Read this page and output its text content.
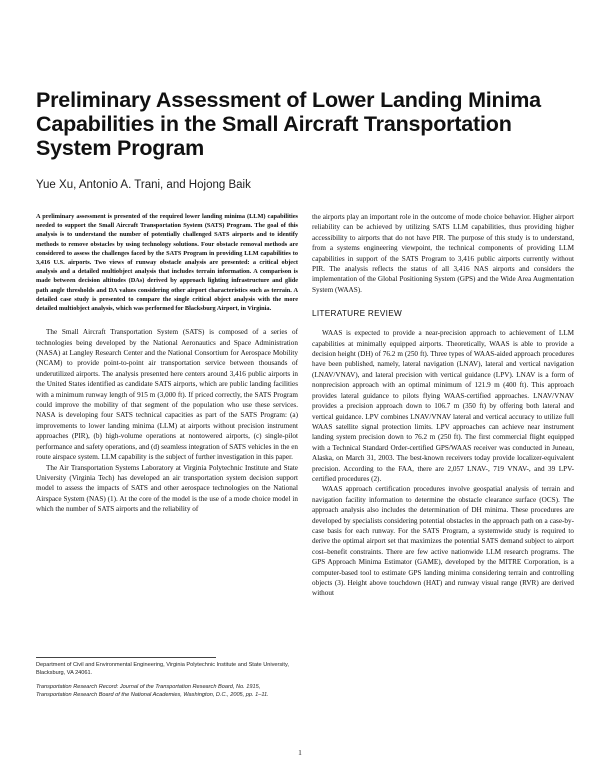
Preliminary Assessment of Lower Landing Minima Capabilities in the Small Aircraft Transportation System Program

Yue Xu, Antonio A. Trani, and Hojong Baik

A preliminary assessment is presented of the required lower landing minima (LLM) capabilities needed to support the Small Aircraft Transportation System (SATS) Program. The goal of this analysis is to understand the number of potentially challenged SATS airports and to identify methods to remove obstacles by using technology solutions. Four obstacle removal methods are considered to assess the challenges faced by the SATS Program in providing LLM capabilities to 3,416 U.S. airports. Two views of runway obstacle analysis are presented: a critical object analysis and a detailed multiobject analysis that includes terrain information. A comparison is made between decision altitudes (DAs) derived by approach lighting infrastructure and glide path angle thresholds and DA values considering other airport characteristics such as terrain. A detailed case study is presented to compare the single critical object analysis with the more detailed multiobject analysis, which was performed for Blacksburg Airport, in Virginia.

The Small Aircraft Transportation System (SATS) is composed of a series of technologies being developed by the National Aeronautics and Space Administration (NASA) at Langley Research Center and the National Consortium for Aerospace Mobility (NCAM) to provide point-to-point air transportation service between thousands of underutilized airports. The analysis presented here centers around 3,416 public airports in the United States identified as candidate SATS airports, which are public landing facilities with a minimum runway length of 915 m (3,000 ft). If priced correctly, the SATS Program could improve the mobility of that segment of the population who use these services. NASA is developing four SATS technical capacities as part of the SATS Program: (a) improvements to lower landing minima (LLM) at airports without precision instrument approaches (PIR), (b) high-volume operations at nontowered airports, (c) single-pilot performance and safety operations, and (d) seamless integration of SATS vehicles in the en route airspace system. LLM capability is the subject of further investigation in this paper.

The Air Transportation Systems Laboratory at Virginia Polytechnic Institute and State University (Virginia Tech) has developed an air transportation system decision support model to assess the impacts of SATS and other aerospace technologies on the National Airspace System (NAS) (1). At the core of the model is the use of a mode choice model in which the number of SATS airports and the reliability of

the airports play an important role in the outcome of mode choice behavior. Higher airport reliability can be achieved by utilizing SATS LLM capabilities, thus providing higher accessibility to airports that do not have PIR. The purpose of this study is to understand, from a systems engineering viewpoint, the technical components of providing LLM capabilities in support of the SATS Program to 3,416 public airports currently without PIR. The analysis reflects the status of all 3,416 NAS airports and considers the implementation of the Global Positioning System (GPS) and the Wide Area Augmentation System (WAAS).

LITERATURE REVIEW

WAAS is expected to provide a near-precision approach to achievement of LLM capabilities at minimally equipped airports. Theoretically, WAAS is able to provide a decision height (DH) of 76.2 m (250 ft). Three types of WAAS-aided approach procedures have been published, namely, lateral navigation (LNAV), lateral and vertical navigation (LNAV/VNAV), and lateral precision with vertical guidance (LPV). LNAV is a form of nonprecision approach with an optimal minimum of 121.9 m (400 ft). This approach provides lateral guidance to pilots flying WAAS-certified approaches. LNAV/VNAV provides a precision approach down to 106.7 m (350 ft) by offering both lateral and vertical guidance. LPV combines LNAV/VNAV lateral and vertical accuracy to utilize full WAAS satellite signal protection limits. LPV approaches can achieve near instrument landing system precision down to 76.2 m (250 ft). The first commercial flight equipped with a Technical Standard Order-certified GPS/WAAS receiver was conducted in Juneau, Alaska, on March 31, 2003. The best-known receivers today provide localizer-equivalent precision. According to the FAA, there are 2,057 LNAV-, 719 VNAV-, and 39 LPV-certified procedures (2).

WAAS approach certification procedures involve geospatial analysis of terrain and navigation facility information to determine the obstacle clearance surface (OCS). The approach analysis also includes the determination of DH minima. These procedures are developed by specialists considering potential obstacles in the approach path on a case-by-case basis for each runway. For the SATS Program, a systemwide study is required to derive the optimal airport set that maximizes the potential SATS demand subject to airport cost–benefit constraints. There are few active nationwide LLM research programs. The GPS Approach Minima Estimator (GAME), developed by the MITRE Corporation, is a computer-based tool to estimate GPS landing minima considering terrain and controlling objects (3). Height above touchdown (HAT) and runway visual range (RVR) are derived without

Department of Civil and Environmental Engineering, Virginia Polytechnic Institute and State University, Blacksburg, VA 24061.

Transportation Research Record: Journal of the Transportation Research Board, No. 1915, Transportation Research Board of the National Academies, Washington, D.C., 2005, pp. 1–11.

1
